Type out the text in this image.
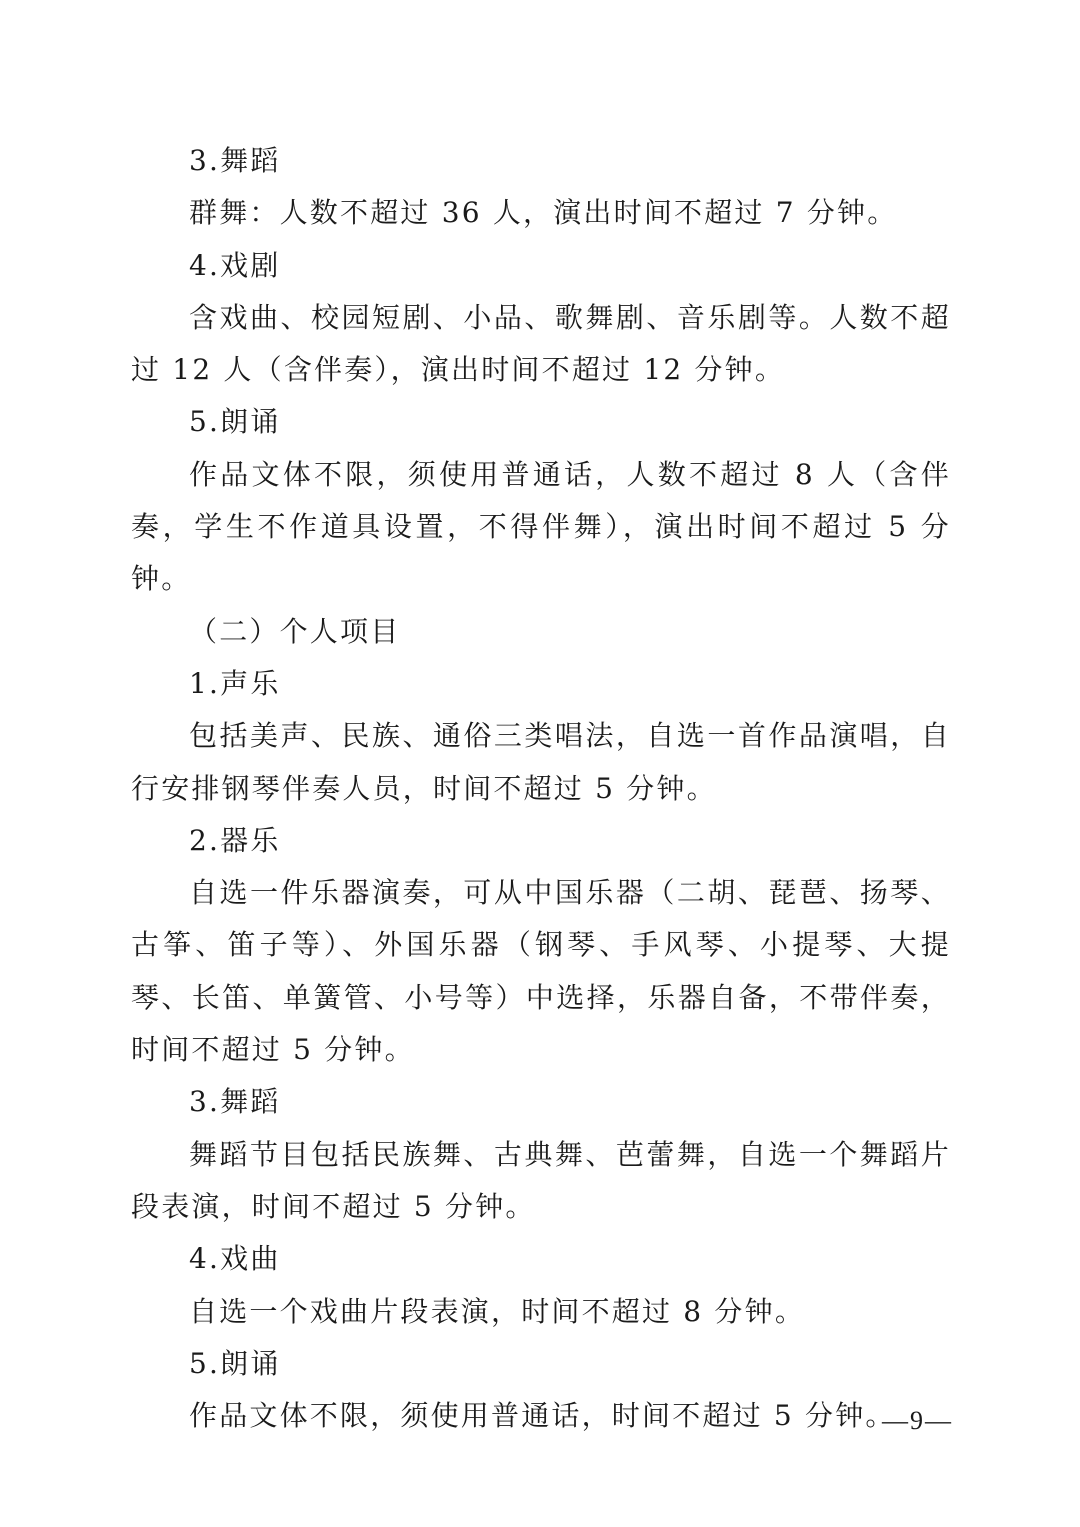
3.舞蹈

群舞：人数不超过 36 人，演出时间不超过 7 分钟。

4.戏剧

含戏曲、校园短剧、小品、歌舞剧、音乐剧等。人数不超过 12 人（含伴奏），演出时间不超过 12 分钟。

5.朗诵

作品文体不限，须使用普通话，人数不超过 8 人（含伴奏，学生不作道具设置，不得伴舞），演出时间不超过 5 分钟。

（二）个人项目

1.声乐

包括美声、民族、通俗三类唱法，自选一首作品演唱，自行安排钢琴伴奏人员，时间不超过 5 分钟。

2.器乐

自选一件乐器演奏，可从中国乐器（二胡、琵琶、扬琴、古筝、笛子等）、外国乐器（钢琴、手风琴、小提琴、大提琴、长笛、单簧管、小号等）中选择，乐器自备，不带伴奏，时间不超过 5 分钟。

3.舞蹈

舞蹈节目包括民族舞、古典舞、芭蕾舞，自选一个舞蹈片段表演，时间不超过 5 分钟。

4.戏曲

自选一个戏曲片段表演，时间不超过 8 分钟。

5.朗诵

作品文体不限，须使用普通话，时间不超过 5 分钟。

—9—
